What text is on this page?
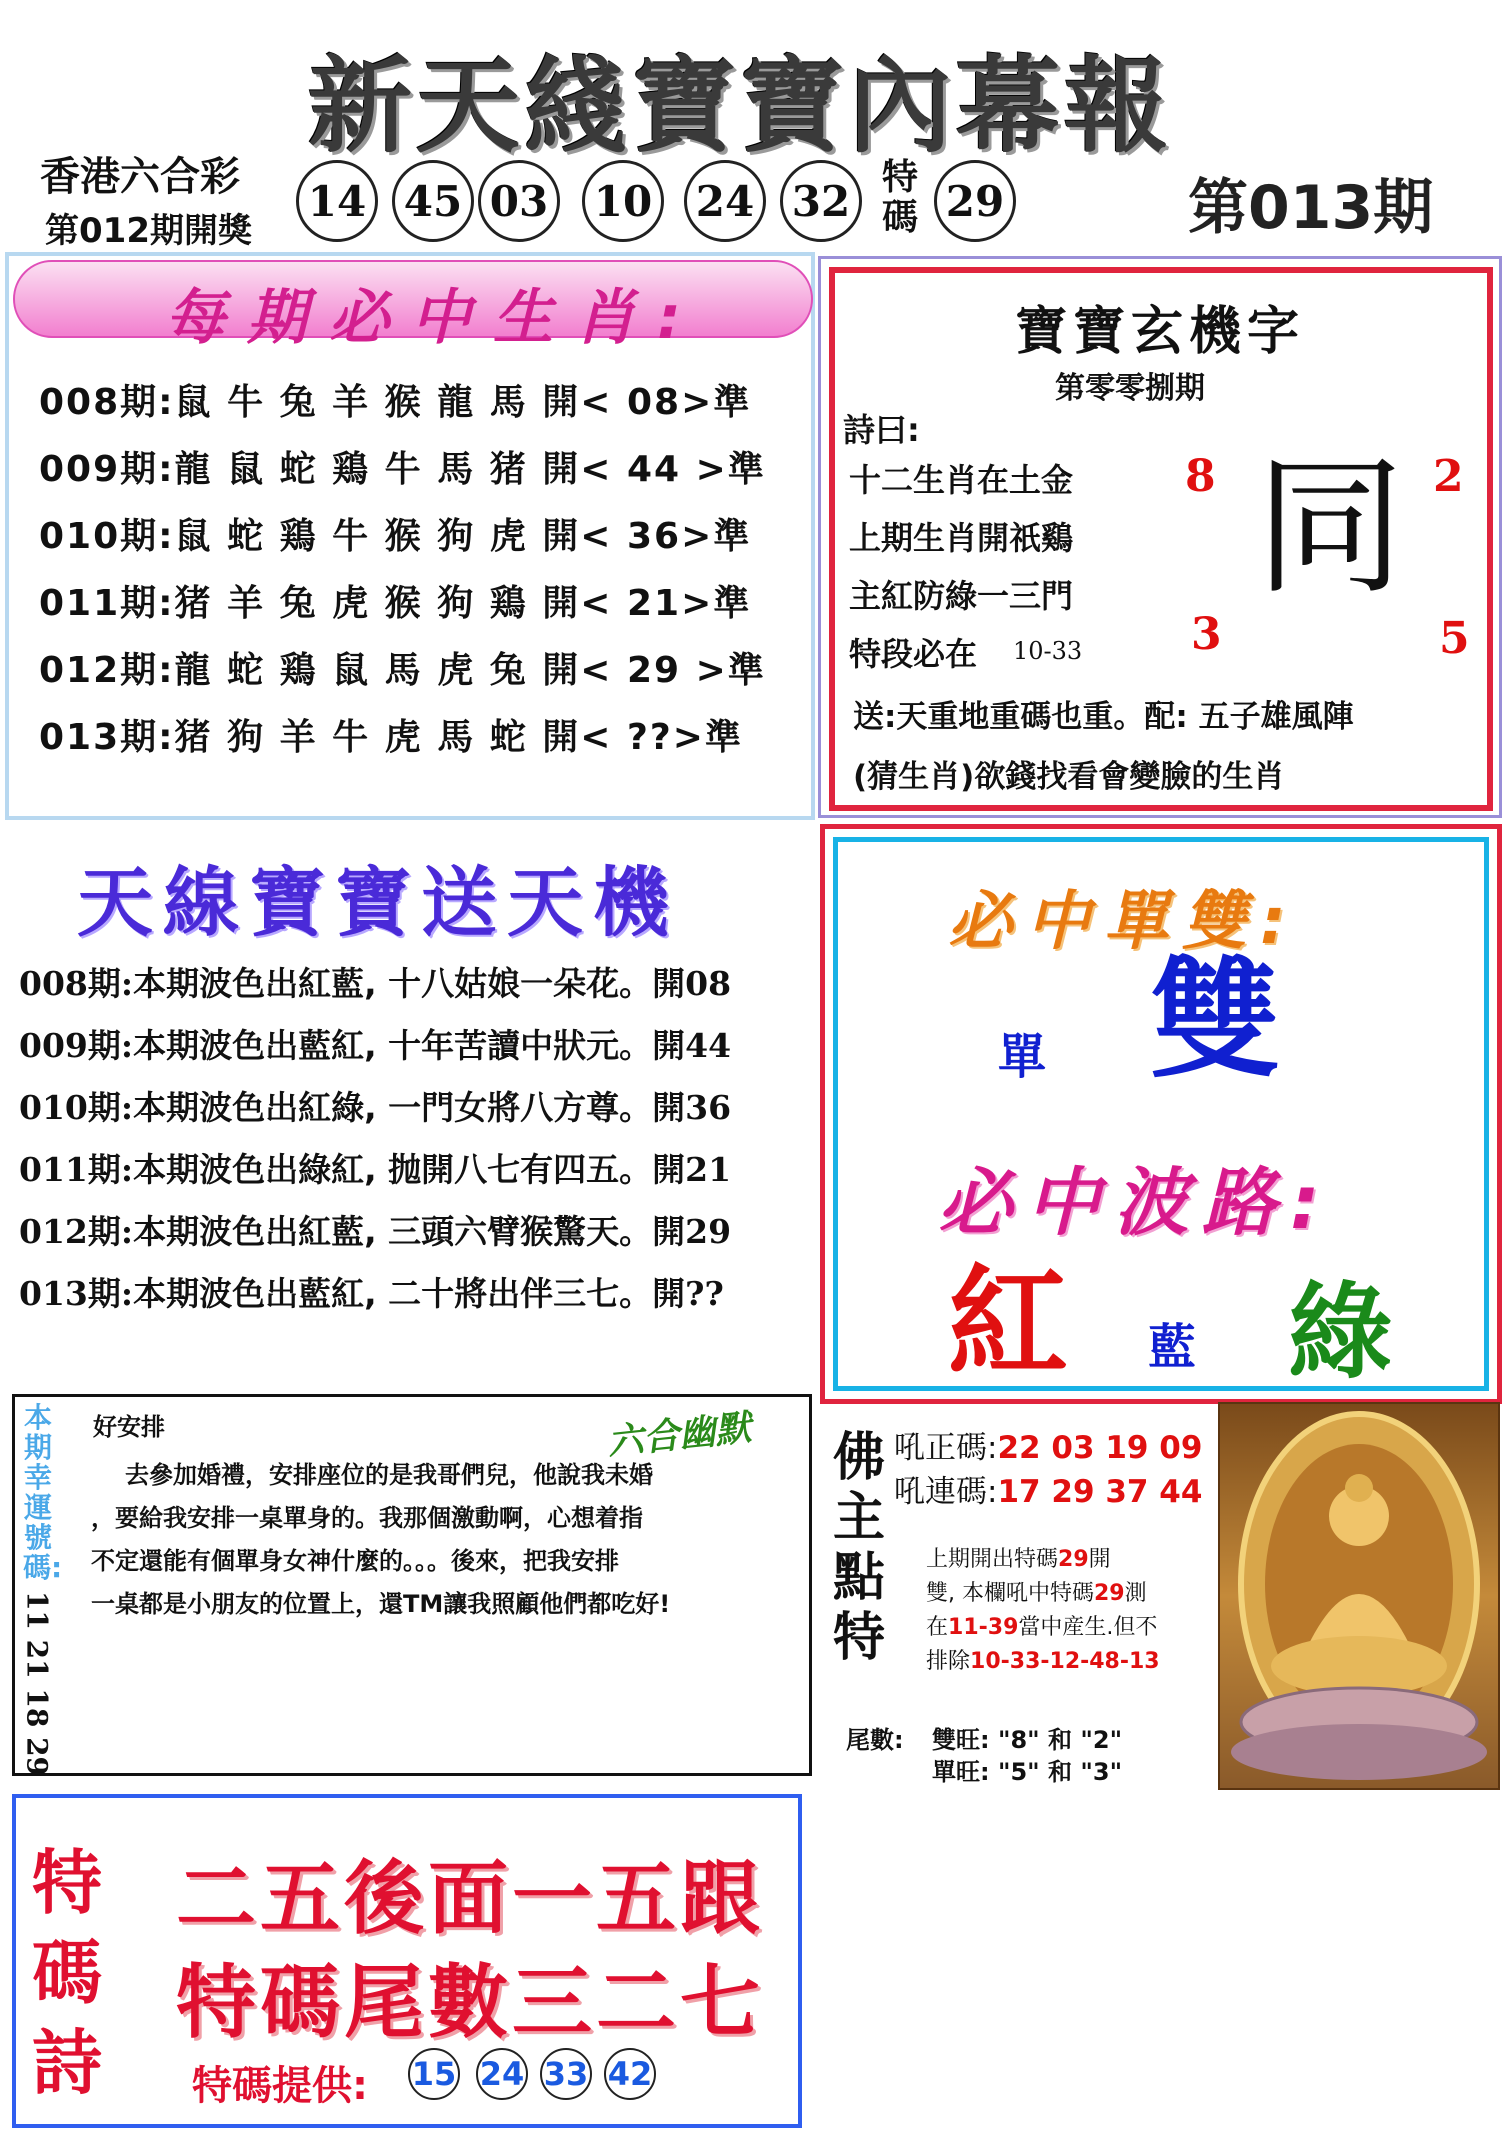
新天綫寶寶內幕報
香港六合彩
第012期開獎
14 45 03 10 24 32 特碼 29	第013期
每期必中生肖:
008期:鼠 牛 兔 羊 猴 龍 馬 開< 08>準
009期:龍 鼠 蛇 鶏 牛 馬 猪 開< 44 >準
010期:鼠 蛇 鶏 牛 猴 狗 虎 開< 36>準
011期:猪 羊 兔 虎 猴 狗 鶏 開< 21>準
012期:龍 蛇 鶏 鼠 馬 虎 兔 開< 29 >準
013期:猪 狗 羊 牛 虎 馬 蛇 開< ??>準
寶寶玄機字
第零零捌期
詩曰:
十二生肖在土金
上期生肖開祇鷄
主紅防綠一三門
特段必在 10-33
同
8	2
3	5
送:天重地重碼也重。配: 五子雄風陣
(猜生肖)欲錢找看會變臉的生肖
天線寶寶送天機
008期:本期波色出紅藍, 十八姑娘一朵花。開08
009期:本期波色出藍紅, 十年苦讀中狀元。開44
010期:本期波色出紅綠, 一門女將八方尊。開36
011期:本期波色出綠紅, 抛開八七有四五。開21
012期:本期波色出紅藍, 三頭六臂猴驚天。開29
013期:本期波色出藍紅, 二十將出伴三七。開??
必中單雙:
單 雙
必中波路:
紅 藍 綠
本期幸運號碼:
11 21 18 29
好安排	六合幽默
去參加婚禮，安排座位的是我哥們兒，他說我未婚
，要給我安排一桌單身的。我那個激動啊，心想着指
不定還能有個單身女神什麼的。。。後來，把我安排
一桌都是小朋友的位置上，還TM讓我照顧他們都吃好!
佛主點特
吼正碼:22 03 19 09
吼連碼:17 29 37 44
上期開出特碼29開
雙, 本欄吼中特碼29測
在11-39當中産生.但不
排除10-33-12-48-13
尾數: 雙旺: "8" 和 "2"
單旺: "5" 和 "3"
特碼詩
二五後面一五跟
特碼尾數三二七
特碼提供: 15 24 33 42
